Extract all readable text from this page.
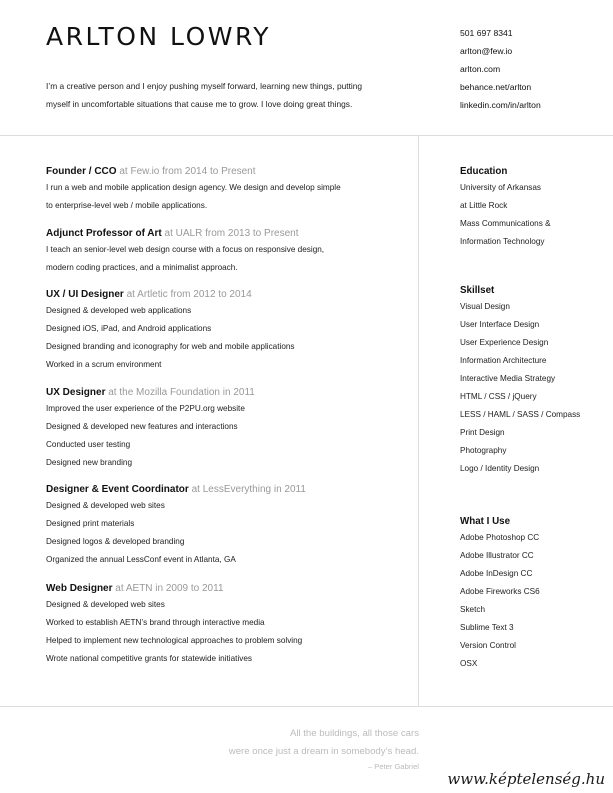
ARLTON LOWRY
I’m a creative person and I enjoy pushing myself forward, learning new things, putting
myself in uncomfortable situations that cause me to grow. I love doing great things.
501 697 8341
arlton@few.io
arlton.com
behance.net/arlton
linkedin.com/in/arlton
Founder / CCO at Few.io from 2014 to Present
I run a web and mobile application design agency. We design and develop simple
to enterprise-level web / mobile applications.
Adjunct Professor of Art at UALR from 2013 to Present
I teach an senior-level web design course with a focus on responsive design,
modern coding practices, and a minimalist approach.
UX / UI Designer at Artletic from 2012 to 2014
Designed & developed web applications
Designed iOS, iPad, and Android applications
Designed branding and iconography for web and mobile applications
Worked in a scrum environment
UX Designer at the Mozilla Foundation in 2011
Improved the user experience of the P2PU.org website
Designed & developed new features and interactions
Conducted user testing
Designed new branding
Designer & Event Coordinator at LessEverything in 2011
Designed & developed web sites
Designed print materials
Designed logos & developed branding
Organized the annual LessConf event in Atlanta, GA
Web Designer at AETN in 2009 to 2011
Designed & developed web sites
Worked to establish AETN’s brand through interactive media
Helped to implement new technological approaches to problem solving
Wrote national competitive grants for statewide initiatives
Education
University of Arkansas
at Little Rock
Mass Communications &
Information Technology
Skillset
Visual Design
User Interface Design
User Experience Design
Information Architecture
Interactive Media Strategy
HTML / CSS / jQuery
LESS / HAML / SASS / Compass
Print Design
Photography
Logo / Identity Design
What I Use
Adobe Photoshop CC
Adobe Illustrator CC
Adobe InDesign CC
Adobe Fireworks CS6
Sketch
Sublime Text 3
Version Control
OSX
All the buildings, all those cars
were once just a dream in somebody’s head.
– Peter Gabriel
www.képtelenség.hu
